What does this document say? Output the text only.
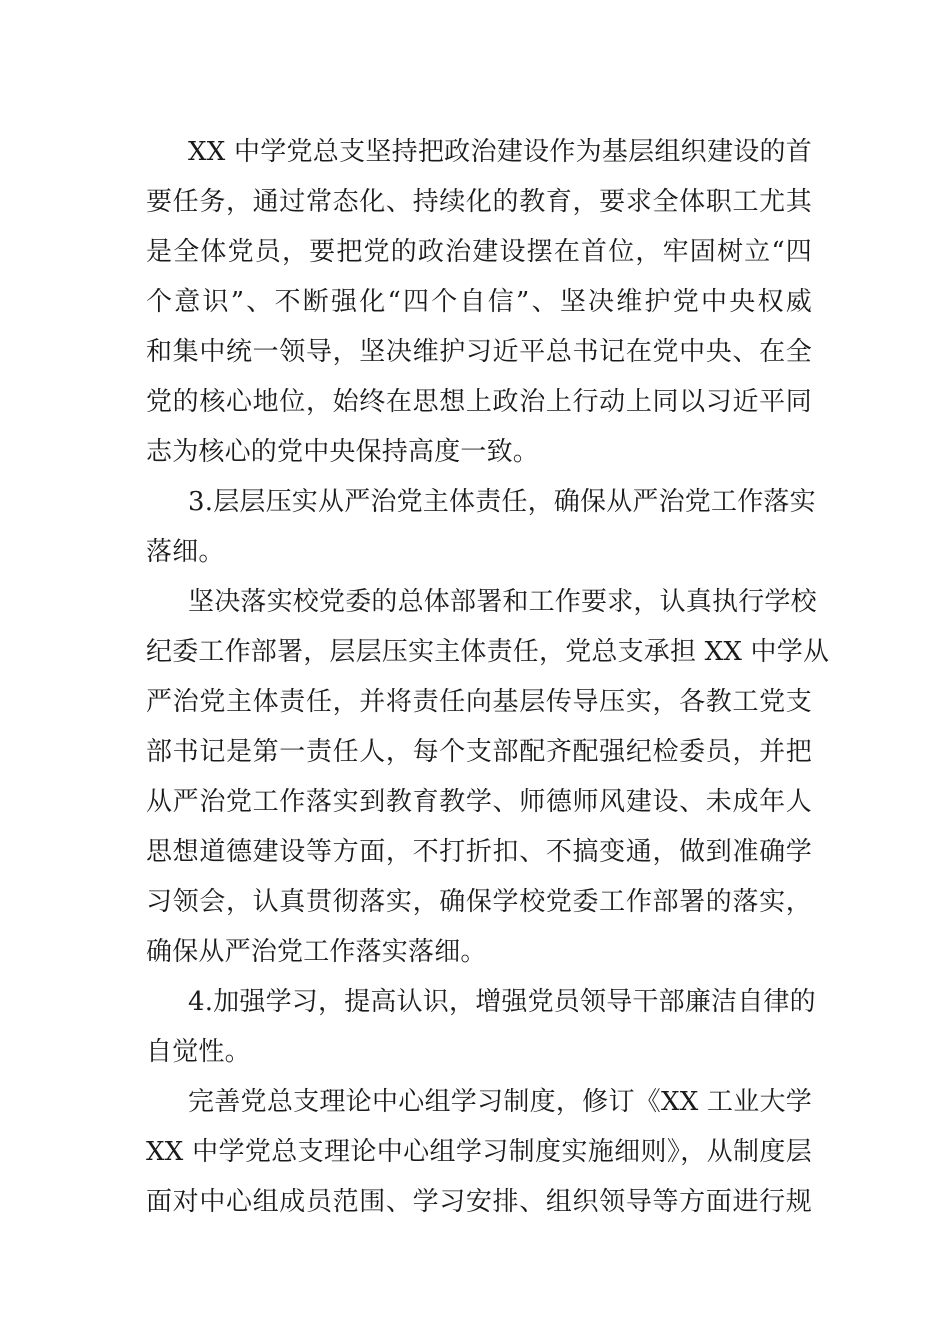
XX 中学党总支坚持把政治建设作为基层组织建设的首
要任务，通过常态化、持续化的教育，要求全体职工尤其
是全体党员，要把党的政治建设摆在首位，牢固树立“四
个意识”、不断强化“四个自信”、坚决维护党中央权威
和集中统一领导，坚决维护习近平总书记在党中央、在全
党的核心地位，始终在思想上政治上行动上同以习近平同
志为核心的党中央保持高度一致。
3.层层压实从严治党主体责任，确保从严治党工作落实
落细。
坚决落实校党委的总体部署和工作要求，认真执行学校
纪委工作部署，层层压实主体责任，党总支承担 XX 中学从
严治党主体责任，并将责任向基层传导压实，各教工党支
部书记是第一责任人，每个支部配齐配强纪检委员，并把
从严治党工作落实到教育教学、师德师风建设、未成年人
思想道德建设等方面，不打折扣、不搞变通，做到准确学
习领会，认真贯彻落实，确保学校党委工作部署的落实，
确保从严治党工作落实落细。
4.加强学习，提高认识，增强党员领导干部廉洁自律的
自觉性。
完善党总支理论中心组学习制度，修订《XX 工业大学
XX 中学党总支理论中心组学习制度实施细则》，从制度层
面对中心组成员范围、学习安排、组织领导等方面进行规
